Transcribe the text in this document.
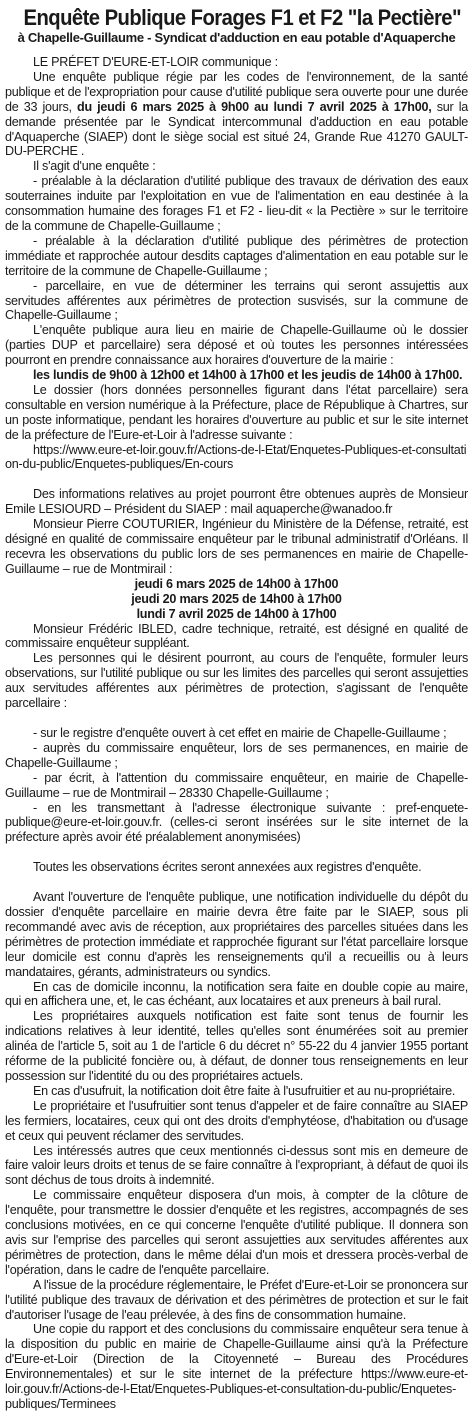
Enquête Publique Forages F1 et F2 "la Pectière"
à Chapelle-Guillaume - Syndicat d'adduction en eau potable d'Aquaperche

LE PRÉFET D'EURE-ET-LOIR communique :

Une enquête publique régie par les codes de l'environnement, de la santé publique et de l'expropriation pour cause d'utilité publique sera ouverte pour une durée de 33 jours, du jeudi 6 mars 2025 à 9h00 au lundi 7 avril 2025 à 17h00, sur la demande présentée par le Syndicat intercommunal d'adduction en eau potable d'Aquaperche (SIAEP) dont le siège social est situé 24, Grande Rue 41270 GAULT-DU-PERCHE .

Il s'agit d'une enquête :

- préalable à la déclaration d'utilité publique des travaux de dérivation des eaux souterraines induite par l'exploitation en vue de l'alimentation en eau destinée à la consommation humaine des forages F1 et F2 - lieu-dit « la Pectière » sur le territoire de la commune de Chapelle-Guillaume ;

- préalable à la déclaration d'utilité publique des périmètres de protection immédiate et rapprochée autour desdits captages d'alimentation en eau potable sur le territoire de la commune de Chapelle-Guillaume ;

- parcellaire, en vue de déterminer les terrains qui seront assujettis aux servitudes afférentes aux périmètres de protection susvisés, sur la commune de Chapelle-Guillaume ;

L'enquête publique aura lieu en mairie de Chapelle-Guillaume où le dossier (parties DUP et parcellaire) sera déposé et où toutes les personnes intéressées pourront en prendre connaissance aux horaires d'ouverture de la mairie :

les lundis de 9h00 à 12h00 et 14h00 à 17h00 et les jeudis de 14h00 à 17h00.

Le dossier (hors données personnelles figurant dans l'état parcellaire) sera consultable en version numérique à la Préfecture, place de République à Chartres, sur un poste informatique, pendant les horaires d'ouverture au public et sur le site internet de la préfecture de l'Eure-et-Loir à l'adresse suivante :

https://www.eure-et-loir.gouv.fr/Actions-de-l-Etat/Enquetes-Publiques-et-consultation-du-public/Enquetes-publiques/En-cours

Des informations relatives au projet pourront être obtenues auprès de Monsieur Emile LESIOURD – Président du SIAEP : mail aquaperche@wanadoo.fr

Monsieur Pierre COUTURIER, Ingénieur du Ministère de la Défense, retraité, est désigné en qualité de commissaire enquêteur par le tribunal administratif d'Orléans. Il recevra les observations du public lors de ses permanences en mairie de Chapelle-Guillaume – rue de Montmirail :

jeudi 6 mars 2025 de 14h00 à 17h00

jeudi 20 mars 2025 de 14h00 à 17h00

lundi 7 avril 2025 de 14h00 à 17h00

Monsieur Frédéric IBLED, cadre technique, retraité, est désigné en qualité de commissaire enquêteur suppléant.

Les personnes qui le désirent pourront, au cours de l'enquête, formuler leurs observations, sur l'utilité publique ou sur les limites des parcelles qui seront assujetties aux servitudes afférentes aux périmètres de protection, s'agissant de l'enquête parcellaire :

- sur le registre d'enquête ouvert à cet effet en mairie de Chapelle-Guillaume ;

- auprès du commissaire enquêteur, lors de ses permanences, en mairie de Chapelle-Guillaume ;

- par écrit, à l'attention du commissaire enquêteur, en mairie de Chapelle-Guillaume – rue de Montmirail – 28330 Chapelle-Guillaume ;

- en les transmettant à l'adresse électronique suivante : pref-enquete-publique@eure-et-loir.gouv.fr. (celles-ci seront insérées sur le site internet de la préfecture après avoir été préalablement anonymisées)

Toutes les observations écrites seront annexées aux registres d'enquête.

Avant l'ouverture de l'enquête publique, une notification individuelle du dépôt du dossier d'enquête parcellaire en mairie devra être faite par le SIAEP, sous pli recommandé avec avis de réception, aux propriétaires des parcelles situées dans les périmètres de protection immédiate et rapprochée figurant sur l'état parcellaire lorsque leur domicile est connu d'après les renseignements qu'il a recueillis ou à leurs mandataires, gérants, administrateurs ou syndics.

En cas de domicile inconnu, la notification sera faite en double copie au maire, qui en affichera une, et, le cas échéant, aux locataires et aux preneurs à bail rural.

Les propriétaires auxquels notification est faite sont tenus de fournir les indications relatives à leur identité, telles qu'elles sont énumérées soit au premier alinéa de l'article 5, soit au 1 de l'article 6 du décret n° 55-22 du 4 janvier 1955 portant réforme de la publicité foncière ou, à défaut, de donner tous renseignements en leur possession sur l'identité du ou des propriétaires actuels.

En cas d'usufruit, la notification doit être faite à l'usufruitier et au nu-propriétaire.

Le propriétaire et l'usufruitier sont tenus d'appeler et de faire connaître au SIAEP les fermiers, locataires, ceux qui ont des droits d'emphytéose, d'habitation ou d'usage et ceux qui peuvent réclamer des servitudes.

Les intéressés autres que ceux mentionnés ci-dessus sont mis en demeure de faire valoir leurs droits et tenus de se faire connaître à l'expropriant, à défaut de quoi ils sont déchus de tous droits à indemnité.

Le commissaire enquêteur disposera d'un mois, à compter de la clôture de l'enquête, pour transmettre le dossier d'enquête et les registres, accompagnés de ses conclusions motivées, en ce qui concerne l'enquête d'utilité publique. Il donnera son avis sur l'emprise des parcelles qui seront assujetties aux servitudes afférentes aux périmètres de protection, dans le même délai d'un mois et dressera procès-verbal de l'opération, dans le cadre de l'enquête parcellaire.

A l'issue de la procédure réglementaire, le Préfet d'Eure-et-Loir se prononcera sur l'utilité publique des travaux de dérivation et des périmètres de protection et sur le fait d'autoriser l'usage de l'eau prélevée, à des fins de consommation humaine.

Une copie du rapport et des conclusions du commissaire enquêteur sera tenue à la disposition du public en mairie de Chapelle-Guillaume ainsi qu'à la Préfecture d'Eure-et-Loir (Direction de la Citoyenneté – Bureau des Procédures Environnementales) et sur le site internet de la préfecture https://www.eure-et-loir.gouv.fr/Actions-de-l-Etat/Enquetes-Publiques-et-consultation-du-public/Enquetes-publiques/Terminees
